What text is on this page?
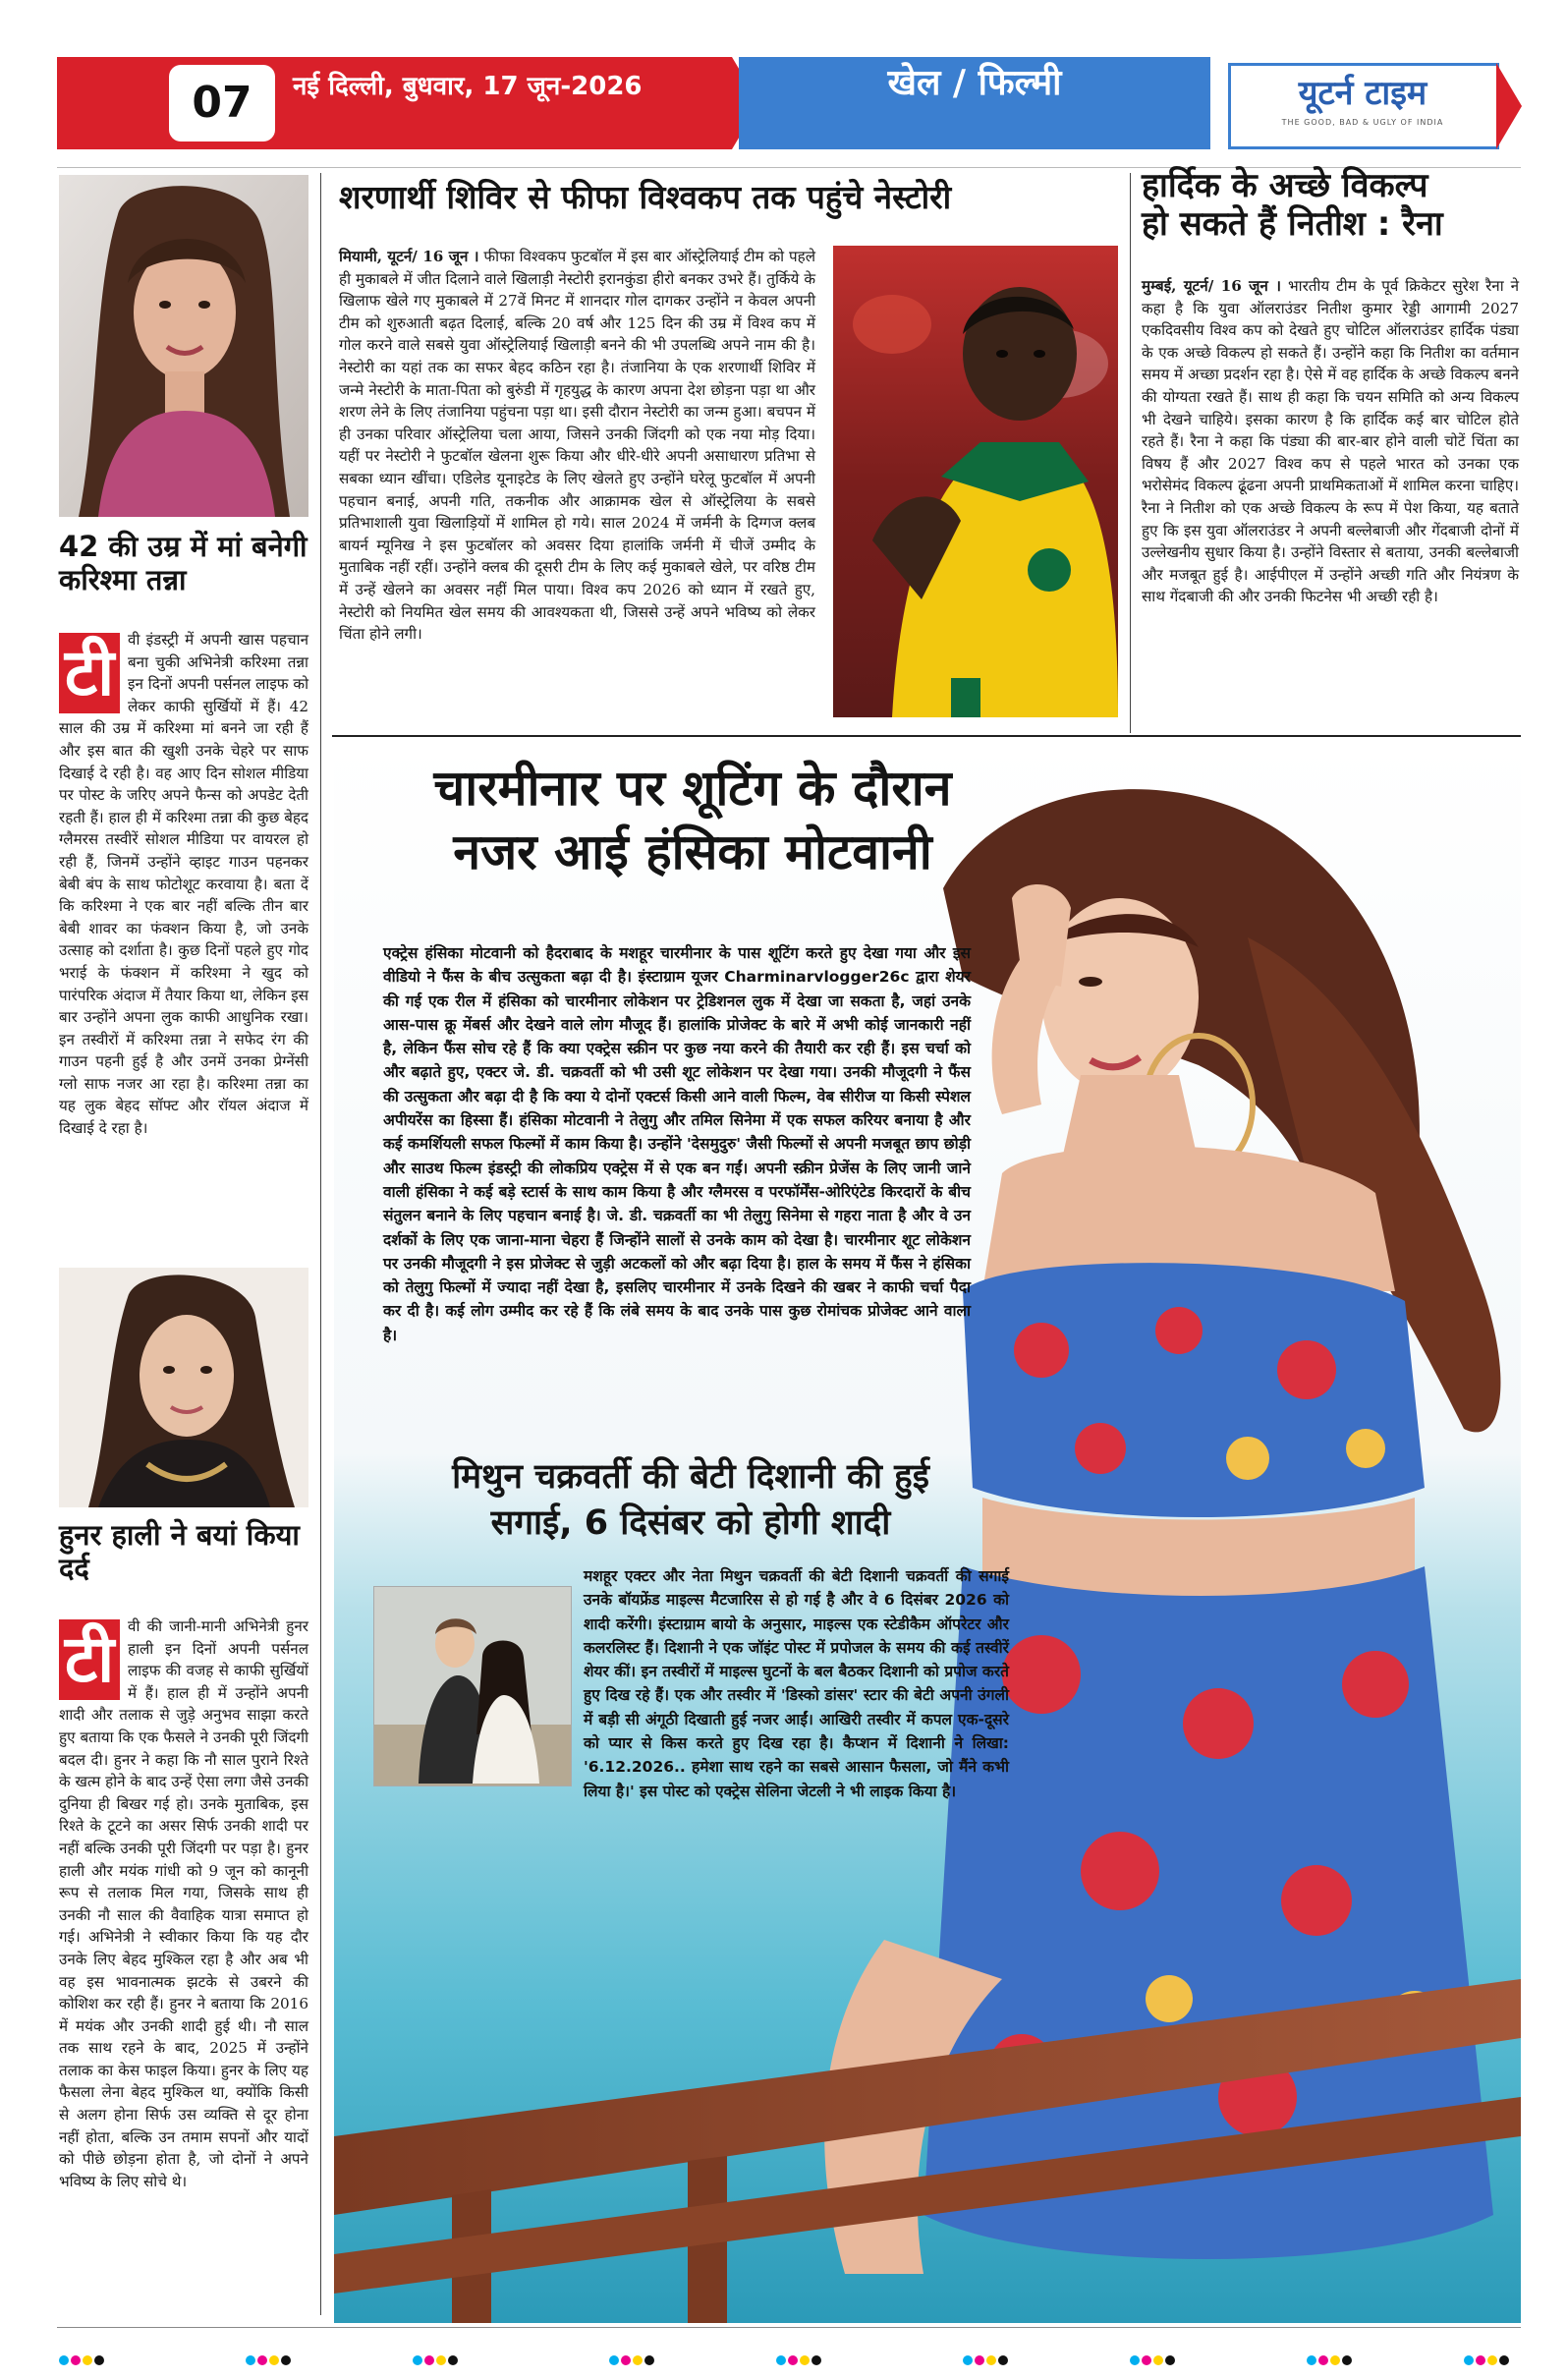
07	नई दिल्ली, बुधवार, 17 जून-2026	खेल / फिल्मी	यूटर्न टाइम
THE GOOD, BAD & UGLY OF INDIA
42 की उम्र में मां बनेगी करिश्मा तन्ना
टी वी इंडस्ट्री में अपनी खास पहचान बना चुकी अभिनेत्री करिश्मा तन्ना इन दिनों अपनी पर्सनल लाइफ को लेकर काफी सुर्खियों में हैं। 42 साल की उम्र में करिश्मा मां बनने जा रही हैं और इस बात की खुशी उनके चेहरे पर साफ दिखाई दे रही है। वह आए दिन सोशल मीडिया पर पोस्ट के जरिए अपने फैन्स को अपडेट देती रहती हैं। हाल ही में करिश्मा तन्ना की कुछ बेहद ग्लैमरस तस्वीरें सोशल मीडिया पर वायरल हो रही हैं, जिनमें उन्होंने व्हाइट गाउन पहनकर बेबी बंप के साथ फोटोशूट करवाया है। बता दें कि करिश्मा ने एक बार नहीं बल्कि तीन बार बेबी शावर का फंक्शन किया है, जो उनके उत्साह को दर्शाता है। कुछ दिनों पहले हुए गोद भराई के फंक्शन में करिश्मा ने खुद को पारंपरिक अंदाज में तैयार किया था, लेकिन इस बार उन्होंने अपना लुक काफी आधुनिक रखा। इन तस्वीरों में करिश्मा तन्ना ने सफेद रंग की गाउन पहनी हुई है और उनमें उनका प्रेग्नेंसी ग्लो साफ नजर आ रहा है। करिश्मा तन्ना का यह लुक बेहद सॉफ्ट और रॉयल अंदाज में दिखाई दे रहा है।
हुनर हाली ने बयां किया दर्द
टी वी की जानी-मानी अभिनेत्री हुनर हाली इन दिनों अपनी पर्सनल लाइफ की वजह से काफी सुर्खियों में हैं। हाल ही में उन्होंने अपनी शादी और तलाक से जुड़े अनुभव साझा करते हुए बताया कि एक फैसले ने उनकी पूरी जिंदगी बदल दी। हुनर ने कहा कि नौ साल पुराने रिश्ते के खत्म होने के बाद उन्हें ऐसा लगा जैसे उनकी दुनिया ही बिखर गई हो। उनके मुताबिक, इस रिश्ते के टूटने का असर सिर्फ उनकी शादी पर नहीं बल्कि उनकी पूरी जिंदगी पर पड़ा है। हुनर हाली और मयंक गांधी को 9 जून को कानूनी रूप से तलाक मिल गया, जिसके साथ ही उनकी नौ साल की वैवाहिक यात्रा समाप्त हो गई। अभिनेत्री ने स्वीकार किया कि यह दौर उनके लिए बेहद मुश्किल रहा है और अब भी वह इस भावनात्मक झटके से उबरने की कोशिश कर रही हैं। हुनर ने बताया कि 2016 में मयंक और उनकी शादी हुई थी। नौ साल तक साथ रहने के बाद, 2025 में उन्होंने तलाक का केस फाइल किया। हुनर के लिए यह फैसला लेना बेहद मुश्किल था, क्योंकि किसी से अलग होना सिर्फ उस व्यक्ति से दूर होना नहीं होता, बल्कि उन तमाम सपनों और यादों को पीछे छोड़ना होता है, जो दोनों ने अपने भविष्य के लिए सोचे थे।
शरणार्थी शिविर से फीफा विश्वकप तक पहुंचे नेस्टोरी
मियामी, यूटर्न/ 16 जून । फीफा विश्वकप फुटबॉल में इस बार ऑस्ट्रेलियाई टीम को पहले ही मुकाबले में जीत दिलाने वाले खिलाड़ी नेस्टोरी इरानकुंडा हीरो बनकर उभरे हैं। तुर्किये के खिलाफ खेले गए मुकाबले में 27वें मिनट में शानदार गोल दागकर उन्होंने न केवल अपनी टीम को शुरुआती बढ़त दिलाई, बल्कि 20 वर्ष और 125 दिन की उम्र में विश्व कप में गोल करने वाले सबसे युवा ऑस्ट्रेलियाई खिलाड़ी बनने की भी उपलब्धि अपने नाम की है। नेस्टोरी का यहां तक का सफर बेहद कठिन रहा है। तंजानिया के एक शरणार्थी शिविर में जन्मे नेस्टोरी के माता-पिता को बुरुंडी में गृहयुद्ध के कारण अपना देश छोड़ना पड़ा था और शरण लेने के लिए तंजानिया पहुंचना पड़ा था। इसी दौरान नेस्टोरी का जन्म हुआ। बचपन में ही उनका परिवार ऑस्ट्रेलिया चला आया, जिसने उनकी जिंदगी को एक नया मोड़ दिया। यहीं पर नेस्टोरी ने फुटबॉल खेलना शुरू किया और धीरे-धीरे अपनी असाधारण प्रतिभा से सबका ध्यान खींचा। एडिलेड यूनाइटेड के लिए खेलते हुए उन्होंने घरेलू फुटबॉल में अपनी पहचान बनाई, अपनी गति, तकनीक और आक्रामक खेल से ऑस्ट्रेलिया के सबसे प्रतिभाशाली युवा खिलाड़ियों में शामिल हो गये। साल 2024 में जर्मनी के दिग्गज क्लब बायर्न म्यूनिख ने इस फुटबॉलर को अवसर दिया हालांकि जर्मनी में चीजें उम्मीद के मुताबिक नहीं रहीं। उन्होंने क्लब की दूसरी टीम के लिए कई मुकाबले खेले, पर वरिष्ठ टीम में उन्हें खेलने का अवसर नहीं मिल पाया। विश्व कप 2026 को ध्यान में रखते हुए, नेस्टोरी को नियमित खेल समय की आवश्यकता थी, जिससे उन्हें अपने भविष्य को लेकर चिंता होने लगी।
हार्दिक के अच्छे विकल्प हो सकते हैं नितीश : रैना
मुम्बई, यूटर्न/ 16 जून । भारतीय टीम के पूर्व क्रिकेटर सुरेश रैना ने कहा है कि युवा ऑलराउंडर नितीश कुमार रेड्डी आगामी 2027 एकदिवसीय विश्व कप को देखते हुए चोटिल ऑलराउंडर हार्दिक पंड्या के एक अच्छे विकल्प हो सकते हैं। उन्होंने कहा कि नितीश का वर्तमान समय में अच्छा प्रदर्शन रहा है। ऐसे में वह हार्दिक के अच्छे विकल्प बनने की योग्यता रखते हैं। साथ ही कहा कि चयन समिति को अन्य विकल्प भी देखने चाहिये। इसका कारण है कि हार्दिक कई बार चोटिल होते रहते हैं। रैना ने कहा कि पंड्या की बार-बार होने वाली चोटें चिंता का विषय हैं और 2027 विश्व कप से पहले भारत को उनका एक भरोसेमंद विकल्प ढूंढना अपनी प्राथमिकताओं में शामिल करना चाहिए। रैना ने नितीश को एक अच्छे विकल्प के रूप में पेश किया, यह बताते हुए कि इस युवा ऑलराउंडर ने अपनी बल्लेबाजी और गेंदबाजी दोनों में उल्लेखनीय सुधार किया है। उन्होंने विस्तार से बताया, उनकी बल्लेबाजी और मजबूत हुई है। आईपीएल में उन्होंने अच्छी गति और नियंत्रण के साथ गेंदबाजी की और उनकी फिटनेस भी अच्छी रही है।
चारमीनार पर शूटिंग के दौरान
नजर आई हंसिका मोटवानी
एक्ट्रेस हंसिका मोटवानी को हैदराबाद के मशहूर चारमीनार के पास शूटिंग करते हुए देखा गया और इस वीडियो ने फैंस के बीच उत्सुकता बढ़ा दी है। इंस्टाग्राम यूजर Charminarvlogger26c द्वारा शेयर की गई एक रील में हंसिका को चारमीनार लोकेशन पर ट्रेडिशनल लुक में देखा जा सकता है, जहां उनके आस-पास क्रू मेंबर्स और देखने वाले लोग मौजूद हैं। हालांकि प्रोजेक्ट के बारे में अभी कोई जानकारी नहीं है, लेकिन फैंस सोच रहे हैं कि क्या एक्ट्रेस स्क्रीन पर कुछ नया करने की तैयारी कर रही हैं। इस चर्चा को और बढ़ाते हुए, एक्टर जे. डी. चक्रवर्ती को भी उसी शूट लोकेशन पर देखा गया। उनकी मौजूदगी ने फैंस की उत्सुकता और बढ़ा दी है कि क्या ये दोनों एक्टर्स किसी आने वाली फिल्म, वेब सीरीज या किसी स्पेशल अपीयरेंस का हिस्सा हैं। हंसिका मोटवानी ने तेलुगु और तमिल सिनेमा में एक सफल करियर बनाया है और कई कमर्शियली सफल फिल्मों में काम किया है। उन्होंने 'देसमुदुरु' जैसी फिल्मों से अपनी मजबूत छाप छोड़ी और साउथ फिल्म इंडस्ट्री की लोकप्रिय एक्ट्रेस में से एक बन गईं। अपनी स्क्रीन प्रेजेंस के लिए जानी जाने वाली हंसिका ने कई बड़े स्टार्स के साथ काम किया है और ग्लैमरस व परफॉर्मेंस-ओरिएंटेड किरदारों के बीच संतुलन बनाने के लिए पहचान बनाई है। जे. डी. चक्रवर्ती का भी तेलुगु सिनेमा से गहरा नाता है और वे उन दर्शकों के लिए एक जाना-माना चेहरा हैं जिन्होंने सालों से उनके काम को देखा है। चारमीनार शूट लोकेशन पर उनकी मौजूदगी ने इस प्रोजेक्ट से जुड़ी अटकलों को और बढ़ा दिया है। हाल के समय में फैंस ने हंसिका को तेलुगु फिल्मों में ज्यादा नहीं देखा है, इसलिए चारमीनार में उनके दिखने की खबर ने काफी चर्चा पैदा कर दी है। कई लोग उम्मीद कर रहे हैं कि लंबे समय के बाद उनके पास कुछ रोमांचक प्रोजेक्ट आने वाला है।
मिथुन चक्रवर्ती की बेटी दिशानी की हुई
सगाई, 6 दिसंबर को होगी शादी
मशहूर एक्टर और नेता मिथुन चक्रवर्ती की बेटी दिशानी चक्रवर्ती की सगाई उनके बॉयफ्रेंड माइल्स मैटजारिस से हो गई है और वे 6 दिसंबर 2026 को शादी करेंगी। इंस्टाग्राम बायो के अनुसार, माइल्स एक स्टेडीकैम ऑपरेटर और कलरलिस्ट हैं। दिशानी ने एक जॉइंट पोस्ट में प्रपोजल के समय की कई तस्वीरें शेयर कीं। इन तस्वीरों में माइल्स घुटनों के बल बैठकर दिशानी को प्रपोज करते हुए दिख रहे हैं। एक और तस्वीर में 'डिस्को डांसर' स्टार की बेटी अपनी उंगली में बड़ी सी अंगूठी दिखाती हुई नजर आईं। आखिरी तस्वीर में कपल एक-दूसरे को प्यार से किस करते हुए दिख रहा है। कैप्शन में दिशानी ने लिखा: '6.12.2026.. हमेशा साथ रहने का सबसे आसान फैसला, जो मैंने कभी लिया है।' इस पोस्ट को एक्ट्रेस सेलिना जेटली ने भी लाइक किया है।
